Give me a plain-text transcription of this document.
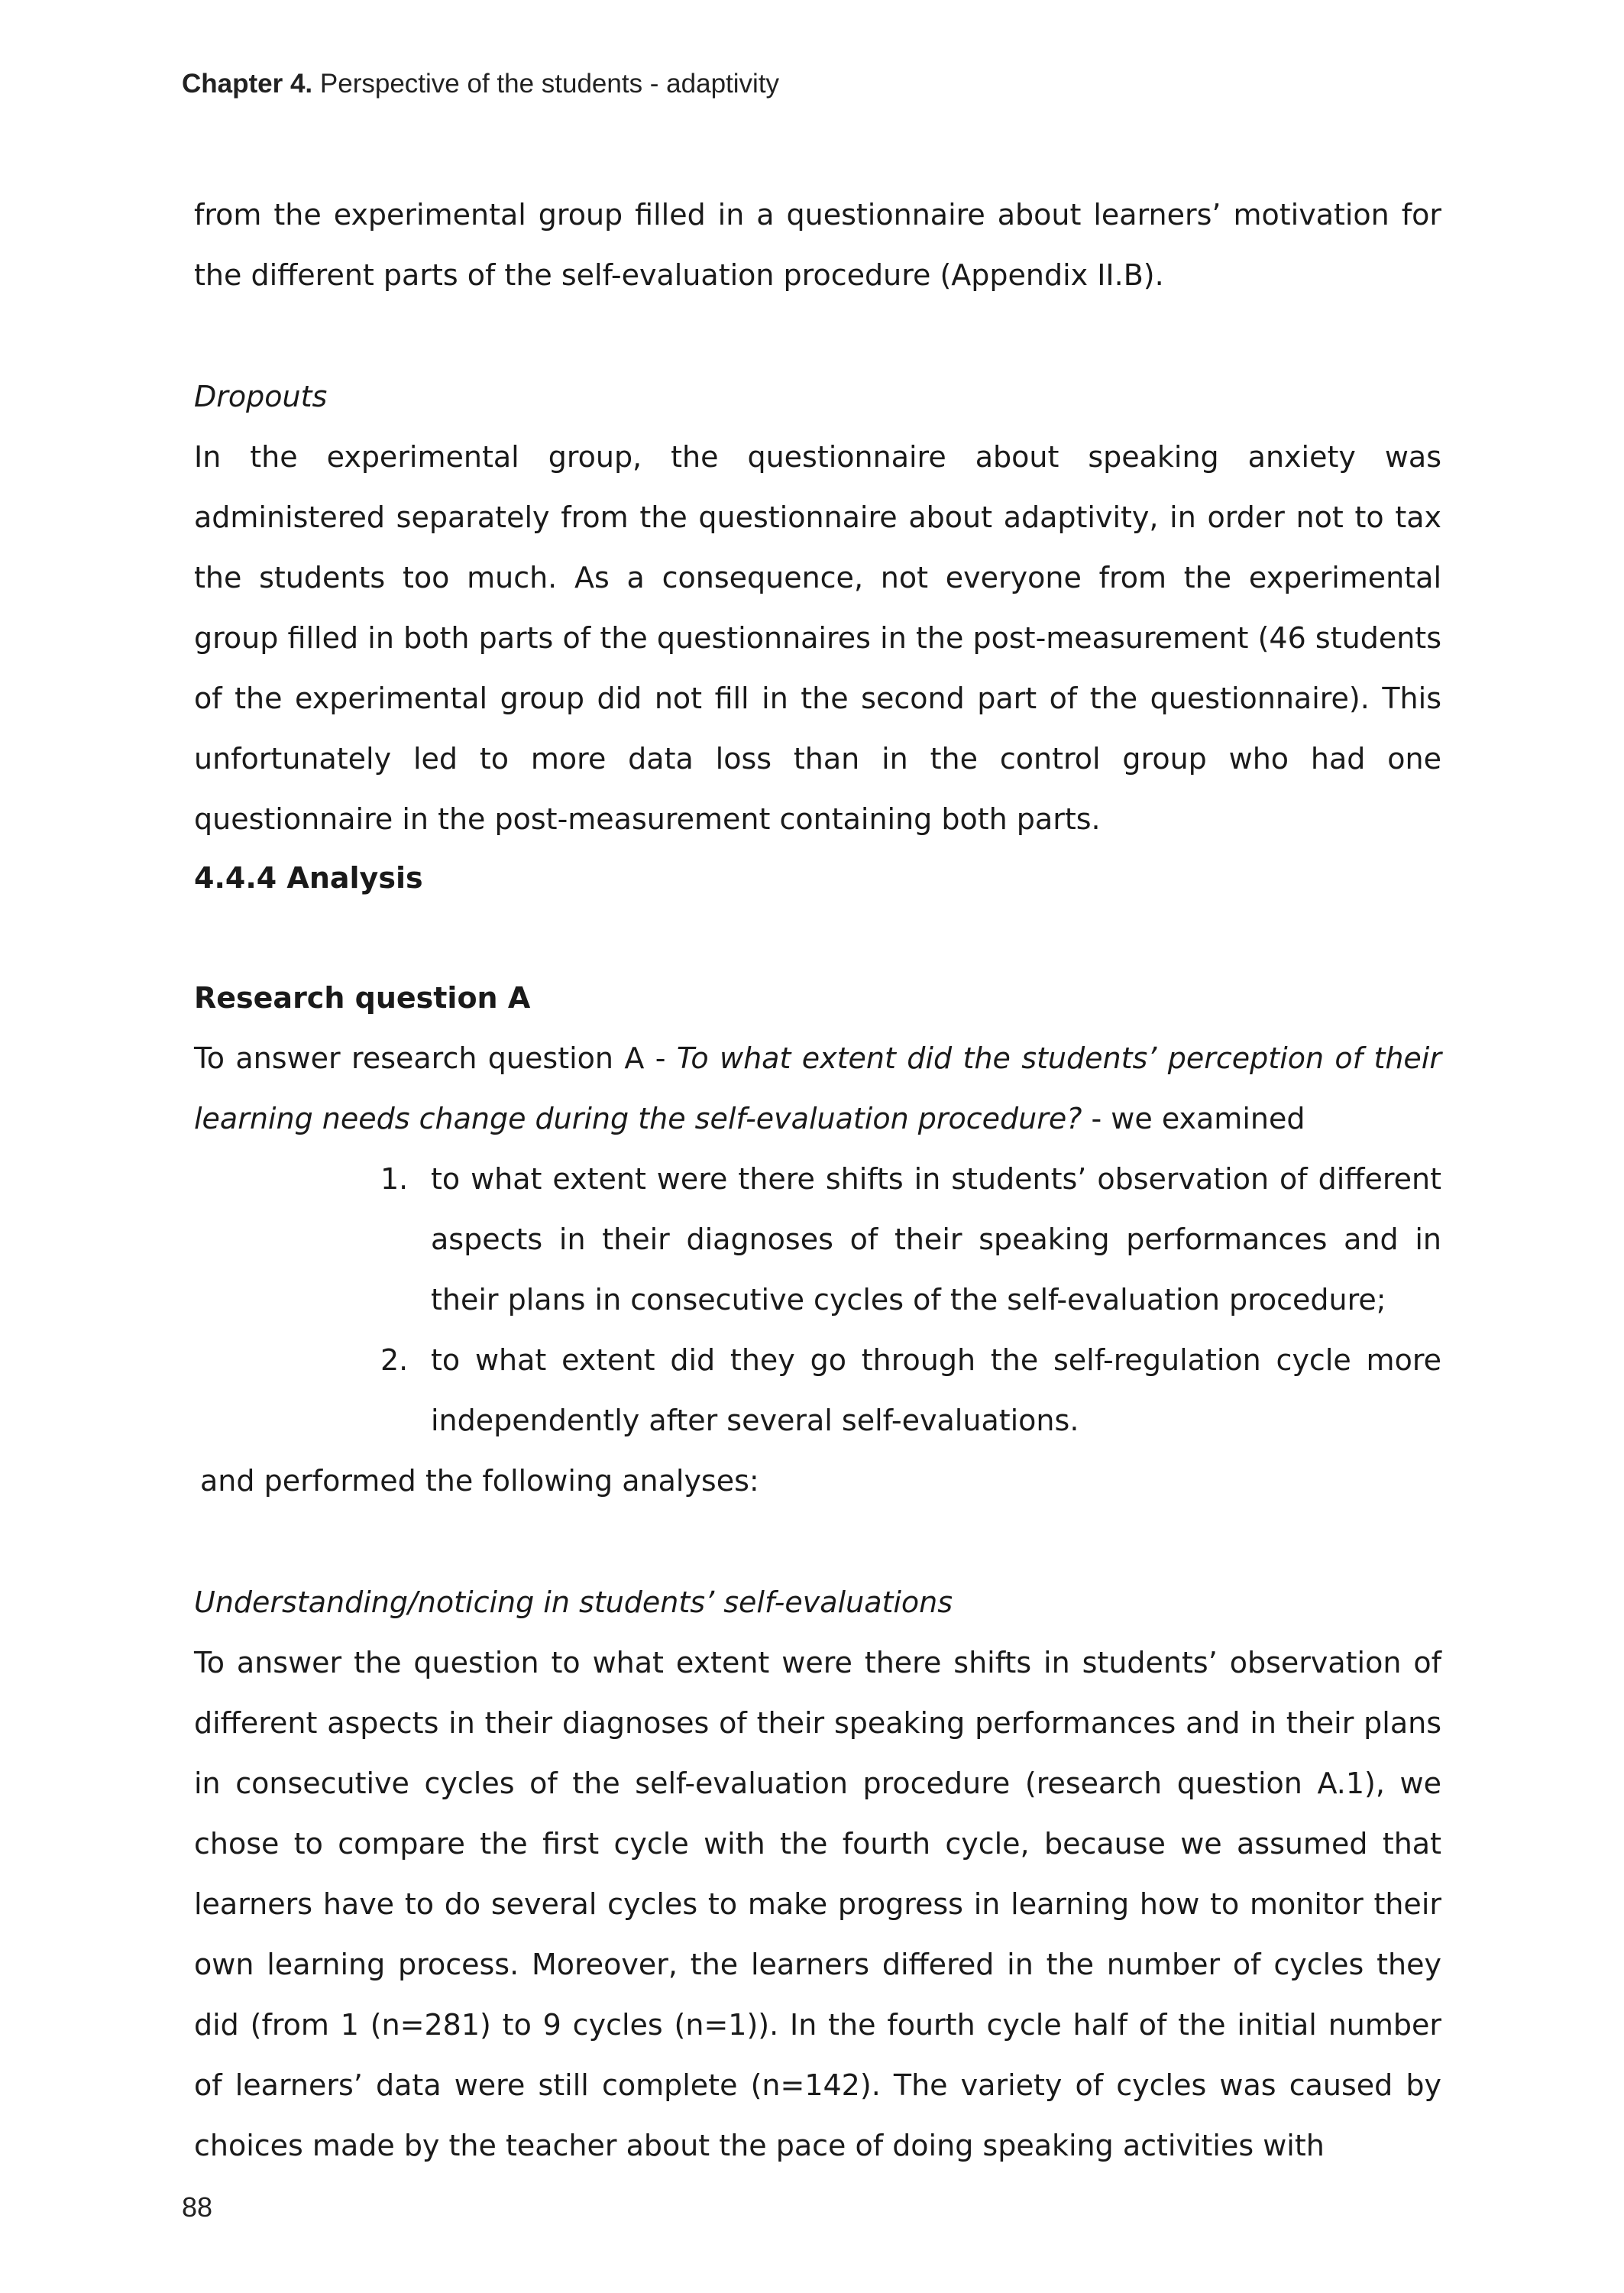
Chapter 4. Perspective of the students - adaptivity

from the experimental group filled in a questionnaire about learners’ motivation for the different parts of the self-evaluation procedure (Appendix II.B).

Dropouts

In the experimental group, the questionnaire about speaking anxiety was administered separately from the questionnaire about adaptivity, in order not to tax the students too much. As a consequence, not everyone from the experimental group filled in both parts of the questionnaires in the post-measurement (46 students of the experimental group did not fill in the second part of the questionnaire). This unfortunately led to more data loss than in the control group who had one questionnaire in the post-measurement containing both parts.

4.4.4 Analysis

Research question A

To answer research question A - To what extent did the students’ perception of their learning needs change during the self-evaluation procedure? - we examined

1. to what extent were there shifts in students’ observation of different aspects in their diagnoses of their speaking performances and in their plans in consecutive cycles of the self-evaluation procedure;
2. to what extent did they go through the self-regulation cycle more independently after several self-evaluations.

and performed the following analyses:

Understanding/noticing in students’ self-evaluations

To answer the question to what extent were there shifts in students’ observation of different aspects in their diagnoses of their speaking performances and in their plans in consecutive cycles of the self-evaluation procedure (research question A.1), we chose to compare the first cycle with the fourth cycle, because we assumed that learners have to do several cycles to make progress in learning how to monitor their own learning process. Moreover, the learners differed in the number of cycles they did (from 1 (n=281) to 9 cycles (n=1)). In the fourth cycle half of the initial number of learners’ data were still complete (n=142). The variety of cycles was caused by choices made by the teacher about the pace of doing speaking activities with

88
